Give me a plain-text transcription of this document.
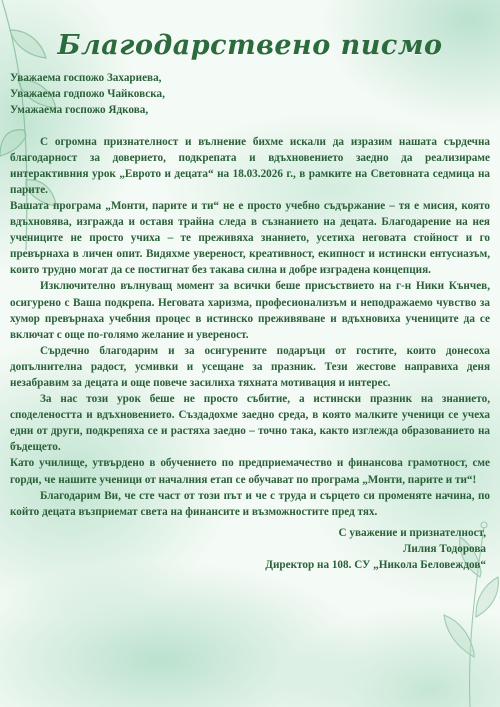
Благодарствено писмо
Уважаема госпожо Захариева,
Уважаема годпожо Чайковска,
Умажаема госпожо Ядкова,

С огромна признателност и вълнение бихме искали да изразим нашата сърдечна благодарност за доверието, подкрепата и вдъхновението заедно да реализираме интерактивния урок „Еврото и децата“ на 18.03.2026 г., в рамките на Световната седмица на парите.

Вашата програма „Монти, парите и ти“ не е просто учебно съдържание – тя е мисия, която вдъхновява, изгражда и оставя трайна следа в съзнанието на децата. Благодарение на нея учениците не просто учиха – те преживяха знанието, усетиха неговата стойност и го превърнаха в личен опит. Видяхме увереност, креативност, екипност и истински ентусиазъм, които трудно могат да се постигнат без такава силна и добре изградена концепция.

Изключително вълнуващ момент за всички беше присъствието на г-н Ники Кънчев, осигурено с Ваша подкрепа. Неговата харизма, професионализъм и неподражаемо чувство за хумор превърнаха учебния процес в истинско преживяване и вдъхновиха учениците да се включат с още по-голямо желание и увереност.

Сърдечно благодарим и за осигурените подаръци от гостите, които донесоха допълнителна радост, усмивки и усещане за празник. Тези жестове направиха деня незабравим за децата и още повече засилиха тяхната мотивация и интерес.

За нас този урок беше не просто събитие, а истински празник на знанието, споделеността и вдъхновението. Създадохме заедно среда, в която малките ученици се учеха едни от други, подкрепяха се и растяха заедно – точно така, както изглежда образованието на бъдещето.

Като училище, утвърдено в обучението по предприемачество и финансова грамотност, сме горди, че нашите ученици от началния етап се обучават по програма „Монти, парите и ти“!

Благодарим Ви, че сте част от този път и че с труда и сърцето си променяте начина, по който децата възприемат света на финансите и възможностите пред тях.

С уважение и признателност,
Лилия Тодорова
Директор на 108. СУ „Никола Беловеждов“
